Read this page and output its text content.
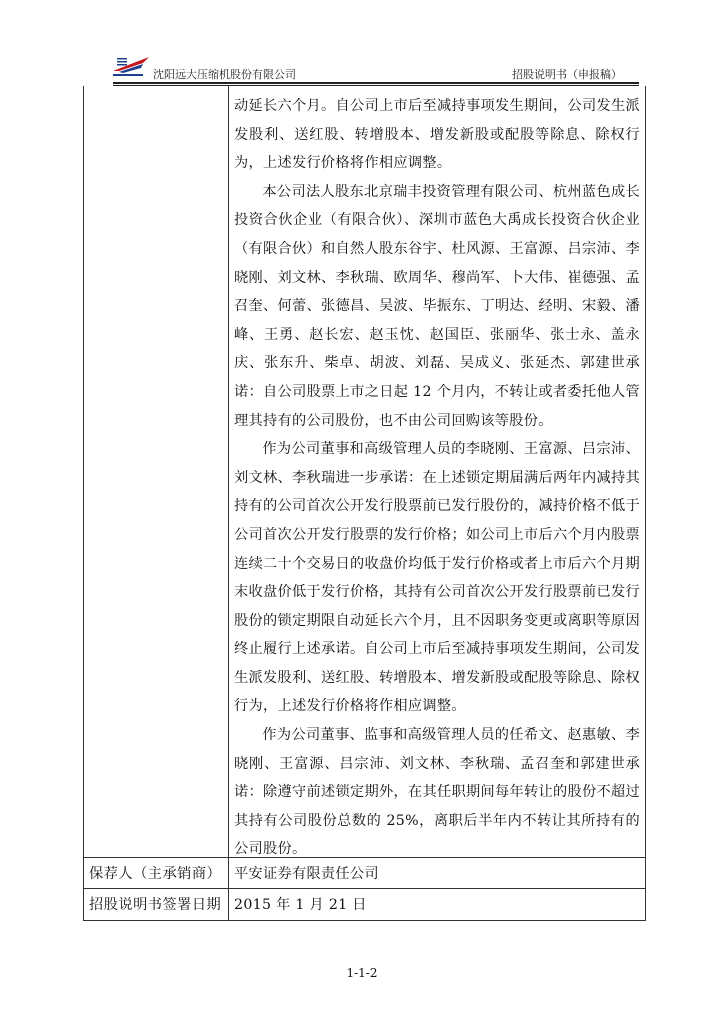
沈阳远大压缩机股份有限公司	招股说明书（申报稿）

动延长六个月。自公司上市后至减持事项发生期间，公司发生派发股利、送红股、转增股本、增发新股或配股等除息、除权行为，上述发行价格将作相应调整。

本公司法人股东北京瑞丰投资管理有限公司、杭州蓝色成长投资合伙企业（有限合伙）、深圳市蓝色大禹成长投资合伙企业（有限合伙）和自然人股东谷宇、杜风源、王富源、吕宗沛、李晓刚、刘文林、李秋瑞、欧周华、穆尚军、卜大伟、崔德强、孟召奎、何蕾、张德昌、吴波、毕振东、丁明达、经明、宋毅、潘峰、王勇、赵长宏、赵玉忱、赵国臣、张丽华、张士永、盖永庆、张东升、柴卓、胡波、刘磊、吴成义、张延杰、郭建世承诺：自公司股票上市之日起 12 个月内，不转让或者委托他人管理其持有的公司股份，也不由公司回购该等股份。

作为公司董事和高级管理人员的李晓刚、王富源、吕宗沛、刘文林、李秋瑞进一步承诺：在上述锁定期届满后两年内减持其持有的公司首次公开发行股票前已发行股份的，减持价格不低于公司首次公开发行股票的发行价格；如公司上市后六个月内股票连续二十个交易日的收盘价均低于发行价格或者上市后六个月期末收盘价低于发行价格，其持有公司首次公开发行股票前已发行股份的锁定期限自动延长六个月，且不因职务变更或离职等原因终止履行上述承诺。自公司上市后至减持事项发生期间，公司发生派发股利、送红股、转增股本、增发新股或配股等除息、除权行为，上述发行价格将作相应调整。

作为公司董事、监事和高级管理人员的任希文、赵惠敏、李晓刚、王富源、吕宗沛、刘文林、李秋瑞、孟召奎和郭建世承诺：除遵守前述锁定期外，在其任职期间每年转让的股份不超过其持有公司股份总数的 25%，离职后半年内不转让其所持有的公司股份。

保荐人（主承销商） 平安证券有限责任公司
招股说明书签署日期 2015 年 1 月 21 日
1-1-2
